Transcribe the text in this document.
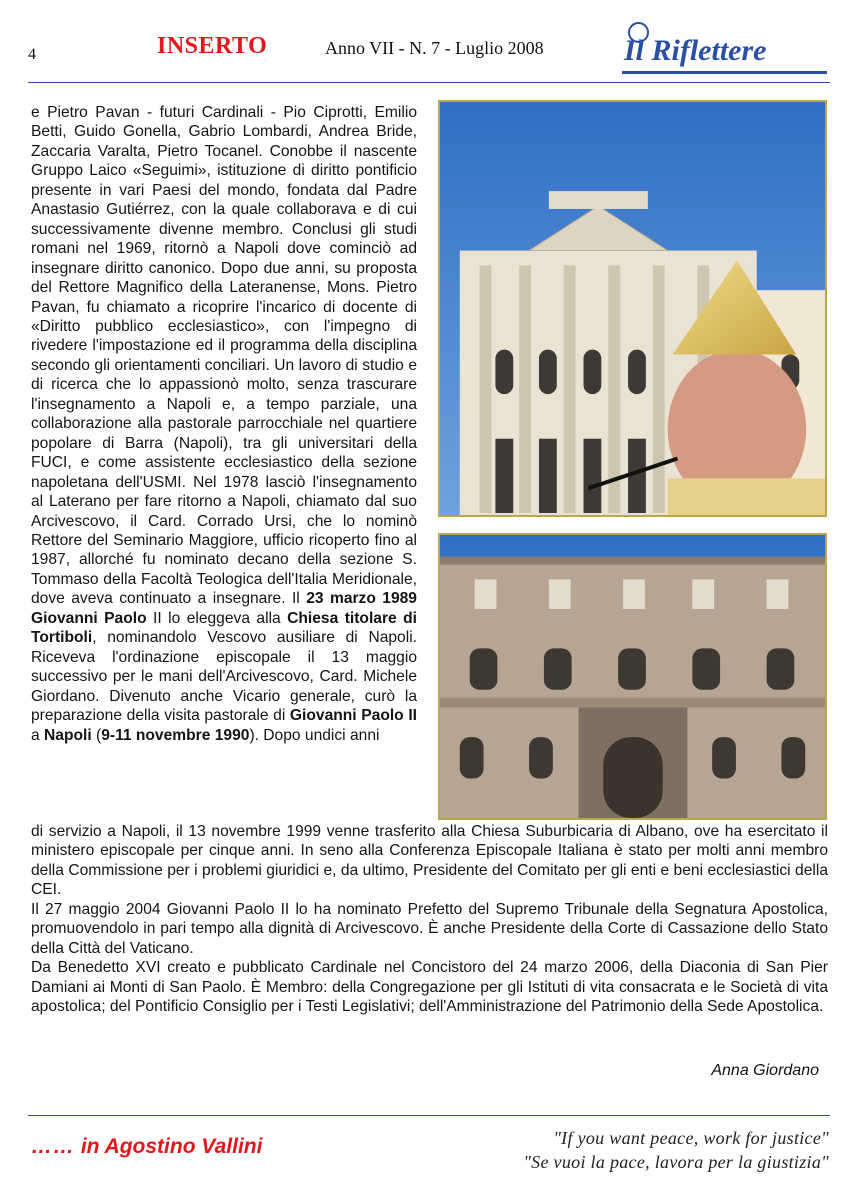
4	INSERTO	Anno VII - N. 7 - Luglio 2008	Il Riflettere

e Pietro Pavan - futuri Cardinali - Pio Ciprotti, Emilio Betti, Guido Gonella, Gabrio Lombardi, Andrea Bride, Zaccaria Varalta, Pietro Tocanel. Conobbe il nascente Gruppo Laico «Seguimi», istituzione di diritto pontificio presente in vari Paesi del mondo, fondata dal Padre Anastasio Gutiérrez, con la quale collaborava e di cui successivamente divenne membro. Conclusi gli studi romani nel 1969, ritornò a Napoli dove cominciò ad insegnare diritto canonico. Dopo due anni, su proposta del Rettore Magnifico della Lateranense, Mons. Pietro Pavan, fu chiamato a ricoprire l'incarico di docente di «Diritto pubblico ecclesiastico», con l'impegno di rivedere l'impostazione ed il programma della disciplina secondo gli orientamenti conciliari. Un lavoro di studio e di ricerca che lo appassionò molto, senza trascurare l'insegnamento a Napoli e, a tempo parziale, una collaborazione alla pastorale parrocchiale nel quartiere popolare di Barra (Napoli), tra gli universitari della FUCI, e come assistente ecclesiastico della sezione napoletana dell'USMI. Nel 1978 lasciò l'insegnamento al Laterano per fare ritorno a Napoli, chiamato dal suo Arcivescovo, il Card. Corrado Ursi, che lo nominò Rettore del Seminario Maggiore, ufficio ricoperto fino al 1987, allorché fu nominato decano della sezione S. Tommaso della Facoltà Teologica dell'Italia Meridionale, dove aveva continuato a insegnare. Il 23 marzo 1989 Giovanni Paolo II lo eleggeva alla Chiesa titolare di Tortiboli, nominandolo Vescovo ausiliare di Napoli. Riceveva l'ordinazione episcopale il 13 maggio successivo per le mani dell'Arcivescovo, Card. Michele Giordano. Divenuto anche Vicario generale, curò la preparazione della visita pastorale di Giovanni Paolo II a Napoli (9-11 novembre 1990). Dopo undici anni

di servizio a Napoli, il 13 novembre 1999 venne trasferito alla Chiesa Suburbicaria di Albano, ove ha esercitato il ministero episcopale per cinque anni. In seno alla Conferenza Episcopale Italiana è stato per molti anni membro della Commissione per i problemi giuridici e, da ultimo, Presidente del Comitato per gli enti e beni ecclesiastici della CEI.
Il 27 maggio 2004 Giovanni Paolo II lo ha nominato Prefetto del Supremo Tribunale della Segnatura Apostolica, promuovendolo in pari tempo alla dignità di Arcivescovo. È anche Presidente della Corte di Cassazione dello Stato della Città del Vaticano.
Da Benedetto XVI creato e pubblicato Cardinale nel Concistoro del 24 marzo 2006, della Diaconia di San Pier Damiani ai Monti di San Paolo. È Membro: della Congregazione per gli Istituti di vita consacrata e le Società di vita apostolica; del Pontificio Consiglio per i Testi Legislativi; dell'Amministrazione del Patrimonio della Sede Apostolica.
Anna Giordano
…… in Agostino Vallini	"If you want peace, work for justice"
"Se vuoi la pace, lavora per la giustizia"
